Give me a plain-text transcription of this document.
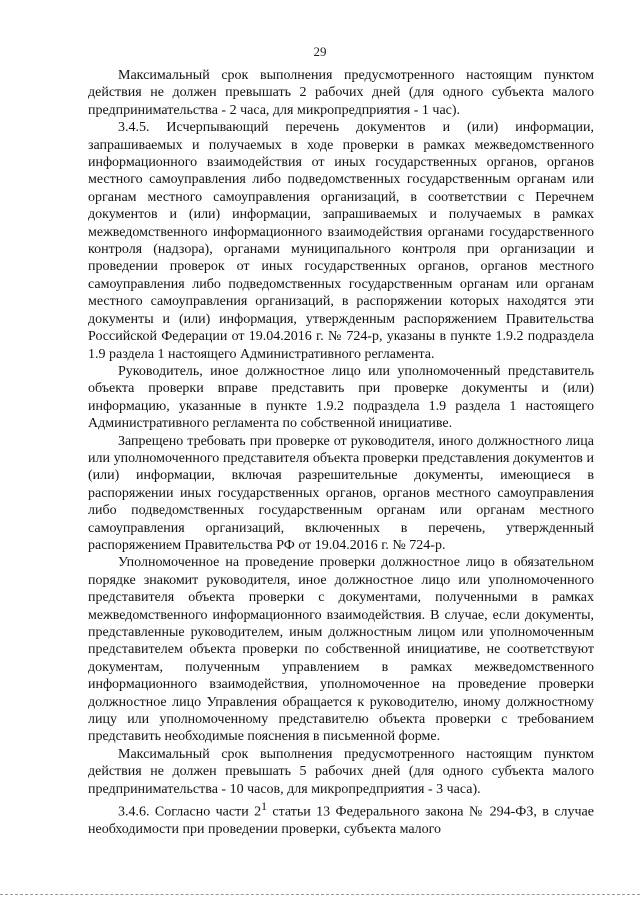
29

Максимальный срок выполнения предусмотренного настоящим пунктом действия не должен превышать 2 рабочих дней (для одного субъекта малого предпринимательства - 2 часа, для микропредприятия - 1 час).

3.4.5. Исчерпывающий перечень документов и (или) информации, запрашиваемых и получаемых в ходе проверки в рамках межведомственного информационного взаимодействия от иных государственных органов, органов местного самоуправления либо подведомственных государственным органам или органам местного самоуправления организаций, в соответствии с Перечнем документов и (или) информации, запрашиваемых и получаемых в рамках межведомственного информационного взаимодействия органами государственного контроля (надзора), органами муниципального контроля при организации и проведении проверок от иных государственных органов, органов местного самоуправления либо подведомственных государственным органам или органам местного самоуправления организаций, в распоряжении которых находятся эти документы и (или) информация, утвержденным распоряжением Правительства Российской Федерации от 19.04.2016 г. № 724-р, указаны в пункте 1.9.2 подраздела 1.9 раздела 1 настоящего Административного регламента.

Руководитель, иное должностное лицо или уполномоченный представитель объекта проверки вправе представить при проверке документы и (или) информацию, указанные в пункте 1.9.2 подраздела 1.9 раздела 1 настоящего Административного регламента по собственной инициативе.

Запрещено требовать при проверке от руководителя, иного должностного лица или уполномоченного представителя объекта проверки представления документов и (или) информации, включая разрешительные документы, имеющиеся в распоряжении иных государственных органов, органов местного самоуправления либо подведомственных государственным органам или органам местного самоуправления организаций, включенных в перечень, утвержденный распоряжением Правительства РФ от 19.04.2016 г. № 724-р.

Уполномоченное на проведение проверки должностное лицо в обязательном порядке знакомит руководителя, иное должностное лицо или уполномоченного представителя объекта проверки с документами, полученными в рамках межведомственного информационного взаимодействия. В случае, если документы, представленные руководителем, иным должностным лицом или уполномоченным представителем объекта проверки по собственной инициативе, не соответствуют документам, полученным управлением в рамках межведомственного информационного взаимодействия, уполномоченное на проведение проверки должностное лицо Управления обращается к руководителю, иному должностному лицу или уполномоченному представителю объекта проверки с требованием представить необходимые пояснения в письменной форме.

Максимальный срок выполнения предусмотренного настоящим пунктом действия не должен превышать 5 рабочих дней (для одного субъекта малого предпринимательства - 10 часов, для микропредприятия - 3 часа).

3.4.6. Согласно части $2^1$ статьи 13 Федерального закона № 294-ФЗ, в случае необходимости при проведении проверки, субъекта малого
